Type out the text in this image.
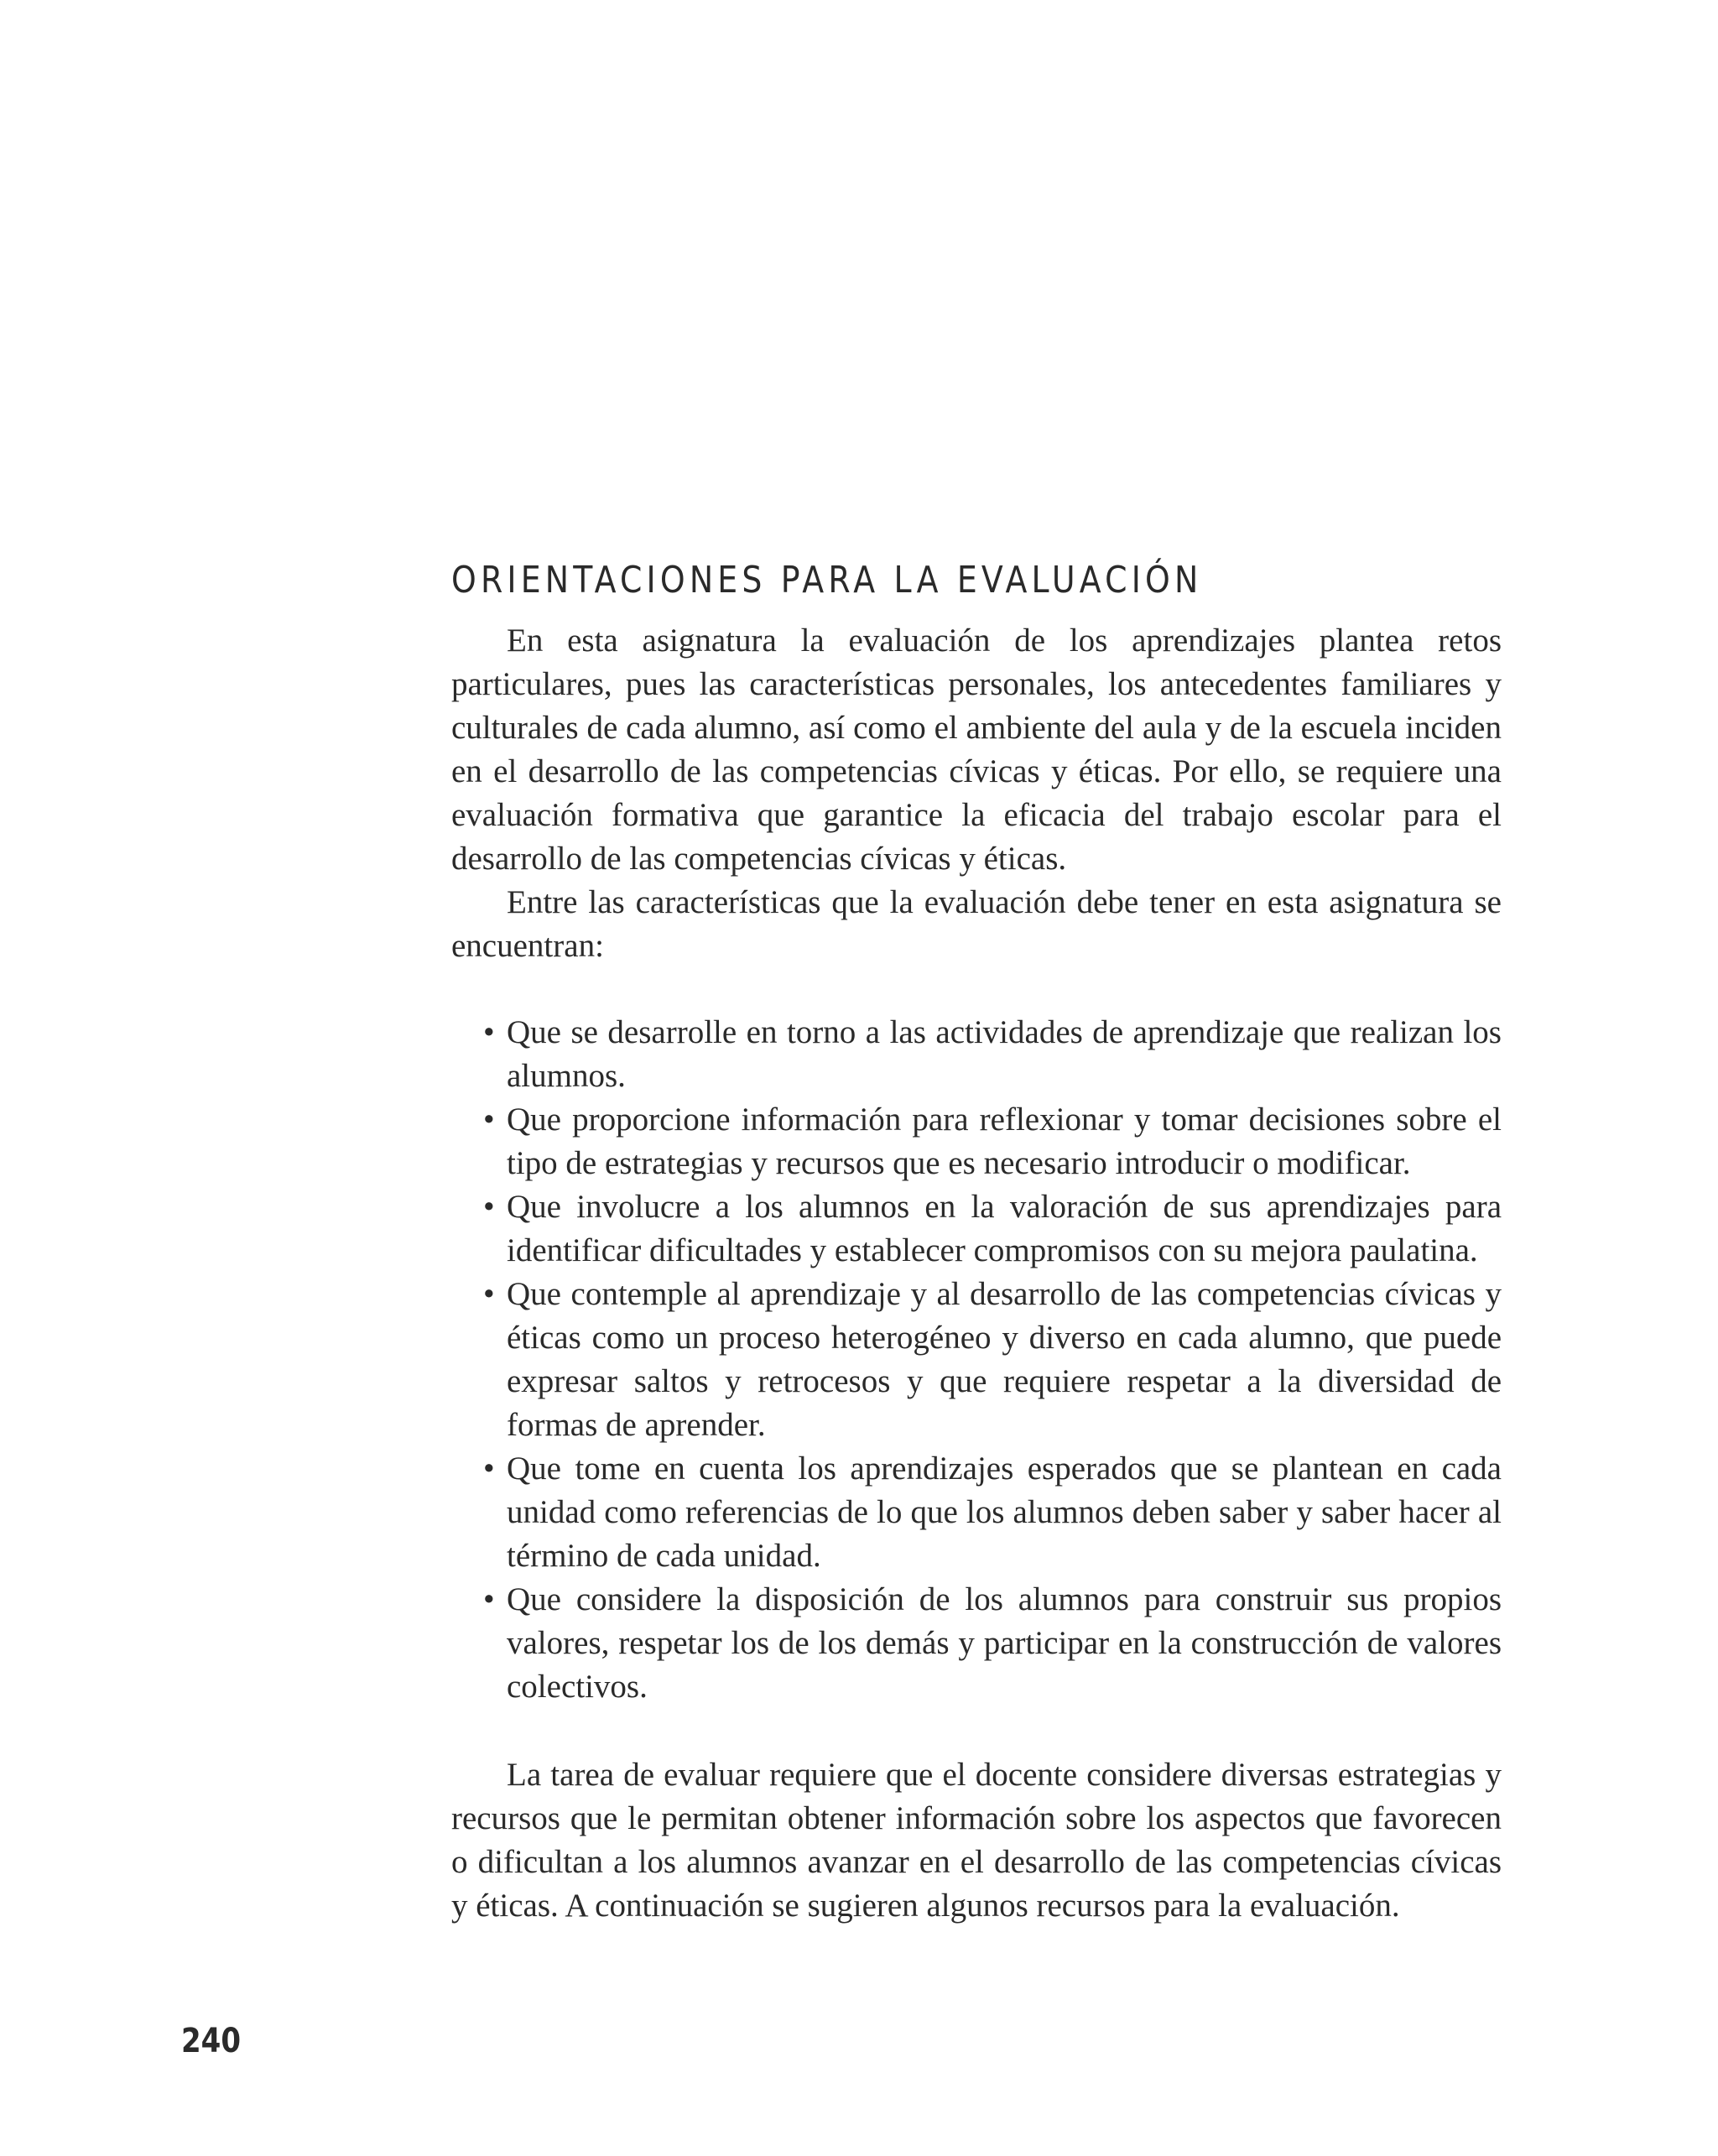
ORIENTACIONES PARA LA EVALUACIÓN

En esta asignatura la evaluación de los aprendizajes plantea retos particulares, pues las características personales, los antecedentes familiares y culturales de cada alumno, así como el ambiente del aula y de la escuela inciden en el desarrollo de las competencias cívicas y éticas. Por ello, se requiere una evaluación formativa que garantice la eficacia del trabajo escolar para el desarrollo de las competencias cívicas y éticas.

Entre las características que la evaluación debe tener en esta asignatura se encuentran:

• Que se desarrolle en torno a las actividades de aprendizaje que realizan los alumnos.
• Que proporcione información para reflexionar y tomar decisiones sobre el tipo de estrategias y recursos que es necesario introducir o modificar.
• Que involucre a los alumnos en la valoración de sus aprendizajes para identificar dificultades y establecer compromisos con su mejora paulatina.
• Que contemple al aprendizaje y al desarrollo de las competencias cívicas y éticas como un proceso heterogéneo y diverso en cada alumno, que puede expresar saltos y retrocesos y que requiere respetar a la diversidad de formas de aprender.
• Que tome en cuenta los aprendizajes esperados que se plantean en cada unidad como referencias de lo que los alumnos deben saber y saber hacer al término de cada unidad.
• Que considere la disposición de los alumnos para construir sus propios valores, respetar los de los demás y participar en la construcción de valores colectivos.

La tarea de evaluar requiere que el docente considere diversas estrategias y recursos que le permitan obtener información sobre los aspectos que favorecen o dificultan a los alumnos avanzar en el desarrollo de las competencias cívicas y éticas. A continuación se sugieren algunos recursos para la evaluación.

240
